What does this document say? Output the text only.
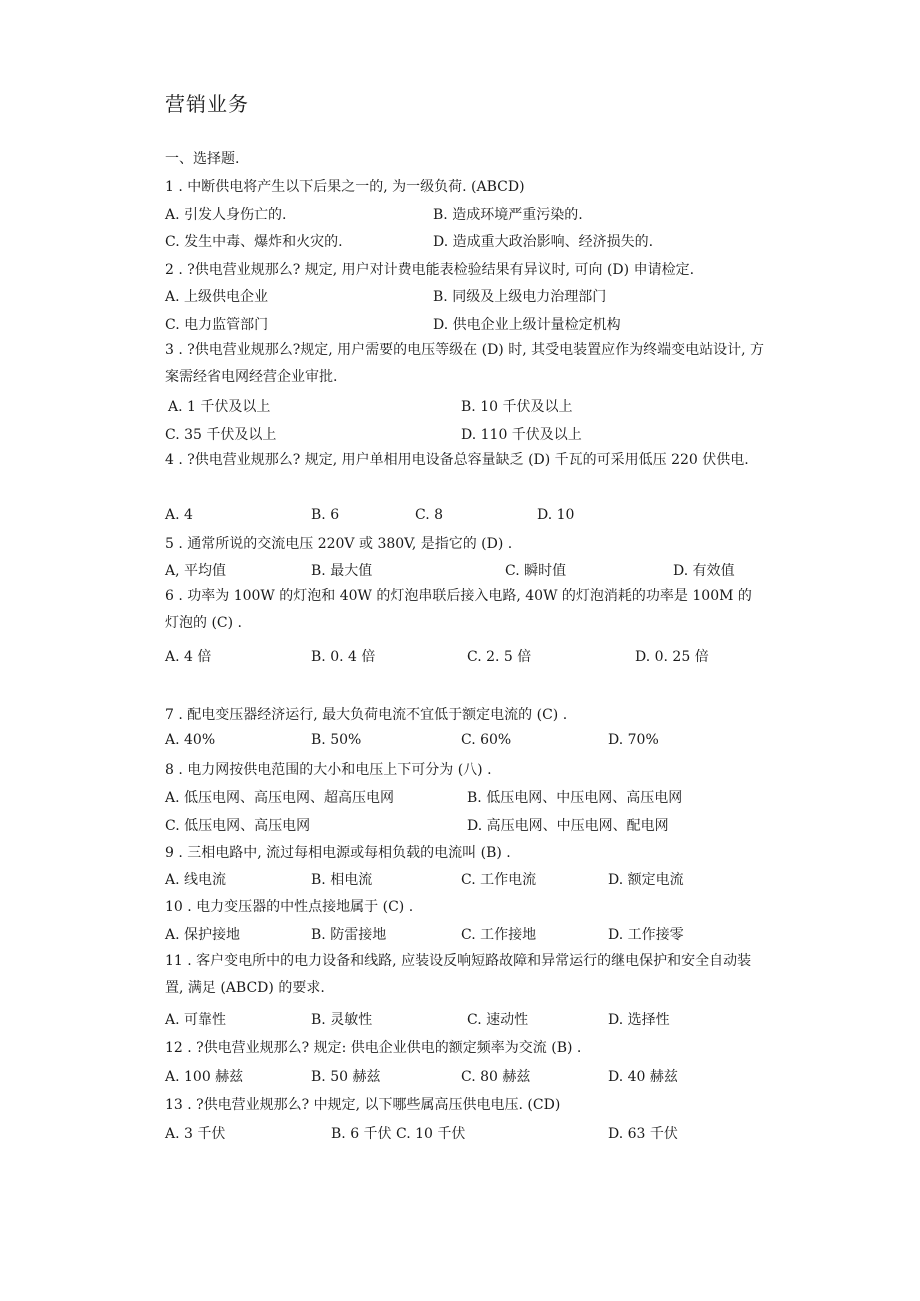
营销业务
一、选择题.
1 . 中断供电将产生以下后果之一的, 为一级负荷. (ABCD)
A. 引发人身伤亡的.	B. 造成环境严重污染的.
C. 发生中毒、爆炸和火灾的.	D. 造成重大政治影响、经济损失的.
2 . ?供电营业规那么? 规定, 用户对计费电能表检验结果有异议时, 可向 (D) 申请检定.
A. 上级供电企业	B. 同级及上级电力治理部门
C. 电力监管部门	D. 供电企业上级计量检定机构
3 . ?供电营业规那么?规定, 用户需要的电压等级在 (D) 时, 其受电装置应作为终端变电站设计, 方案需经省电网经营企业审批.
A. 1 千伏及以上	B. 10 千伏及以上
C. 35 千伏及以上	D. 110 千伏及以上
4 . ?供电营业规那么? 规定, 用户单相用电设备总容量缺乏 (D) 千瓦的可采用低压 220 伏供电.
A. 4	B. 6	C. 8	D. 10
5 . 通常所说的交流电压 220V 或 380V, 是指它的 (D) .
A, 平均值	B. 最大值	C. 瞬时值	D. 有效值
6 . 功率为 100W 的灯泡和 40W 的灯泡串联后接入电路, 40W 的灯泡消耗的功率是 100M 的灯泡的 (C) .
A. 4 倍	B. 0. 4 倍	C. 2. 5 倍	D. 0. 25 倍
7 . 配电变压器经济运行, 最大负荷电流不宜低于额定电流的 (C) .
A. 40%	B. 50%	C. 60%	D. 70%
8 . 电力网按供电范围的大小和电压上下可分为 (八) .
A. 低压电网、高压电网、超高压电网	B. 低压电网、中压电网、高压电网
C. 低压电网、高压电网	D. 高压电网、中压电网、配电网
9 . 三相电路中, 流过每相电源或每相负载的电流叫 (B) .
A. 线电流	B. 相电流	C. 工作电流	D. 额定电流
10 . 电力变压器的中性点接地属于 (C) .
A. 保护接地	B. 防雷接地	C. 工作接地	D. 工作接零
11 . 客户变电所中的电力设备和线路, 应装设反响短路故障和异常运行的继电保护和安全自动装置, 满足 (ABCD) 的要求.
A. 可靠性	B. 灵敏性	C. 速动性	D. 选择性
12 . ?供电营业规那么? 规定: 供电企业供电的额定频率为交流 (B) .
A. 100 赫兹	B. 50 赫兹	C. 80 赫兹	D. 40 赫兹
13 . ?供电营业规那么? 中规定, 以下哪些属高压供电电压. (CD)
A. 3 千伏	B. 6 千伏 C. 10 千伏	D. 63 千伏
